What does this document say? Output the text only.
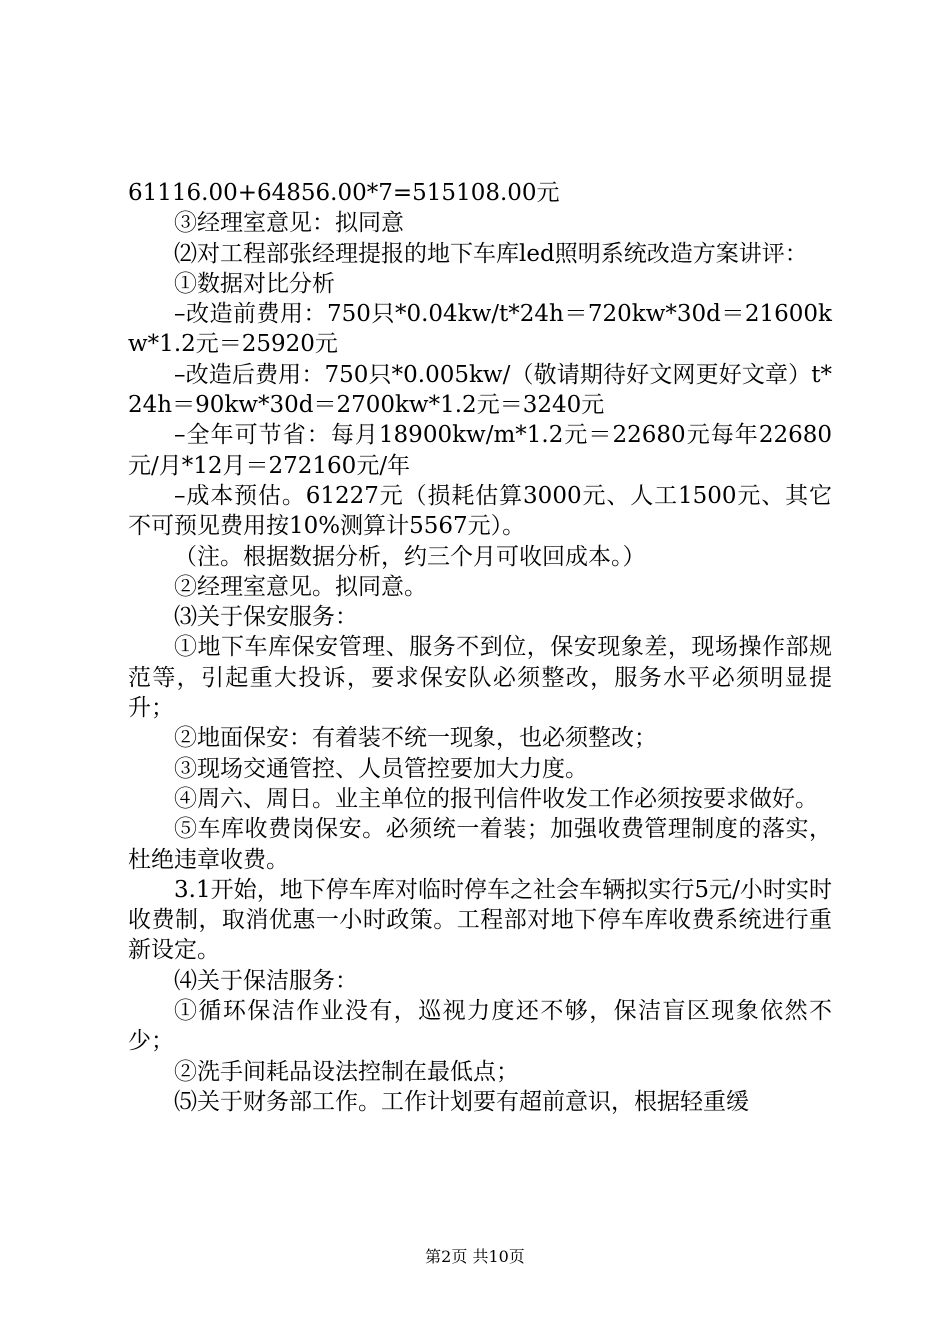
61116.00+64856.00*7=515108.00元

③经理室意见：拟同意

⑵对工程部张经理提报的地下车库led照明系统改造方案讲评：

①数据对比分析

–改造前费用：750只*0.04kw/t*24h＝720kw*30d＝21600kw*1.2元＝25920元

–改造后费用：750只*0.005kw/（敬请期待好文网更好文章）t*24h＝90kw*30d＝2700kw*1.2元＝3240元

–全年可节省：每月18900kw/m*1.2元＝22680元每年22680元/月*12月＝272160元/年

–成本预估。61227元（损耗估算3000元、人工1500元、其它不可预见费用按10%测算计5567元）。

（注。根据数据分析，约三个月可收回成本。）

②经理室意见。拟同意。

⑶关于保安服务：

①地下车库保安管理、服务不到位，保安现象差，现场操作部规范等，引起重大投诉，要求保安队必须整改，服务水平必须明显提升；

②地面保安：有着装不统一现象，也必须整改；

③现场交通管控、人员管控要加大力度。

④周六、周日。业主单位的报刊信件收发工作必须按要求做好。

⑤车库收费岗保安。必须统一着装；加强收费管理制度的落实，杜绝违章收费。

3.1开始，地下停车库对临时停车之社会车辆拟实行5元/小时实时收费制，取消优惠一小时政策。工程部对地下停车库收费系统进行重新设定。

⑷关于保洁服务：

①循环保洁作业没有，巡视力度还不够，保洁盲区现象依然不少；

②洗手间耗品设法控制在最低点；

⑸关于财务部工作。工作计划要有超前意识，根据轻重缓

第2页 共10页
